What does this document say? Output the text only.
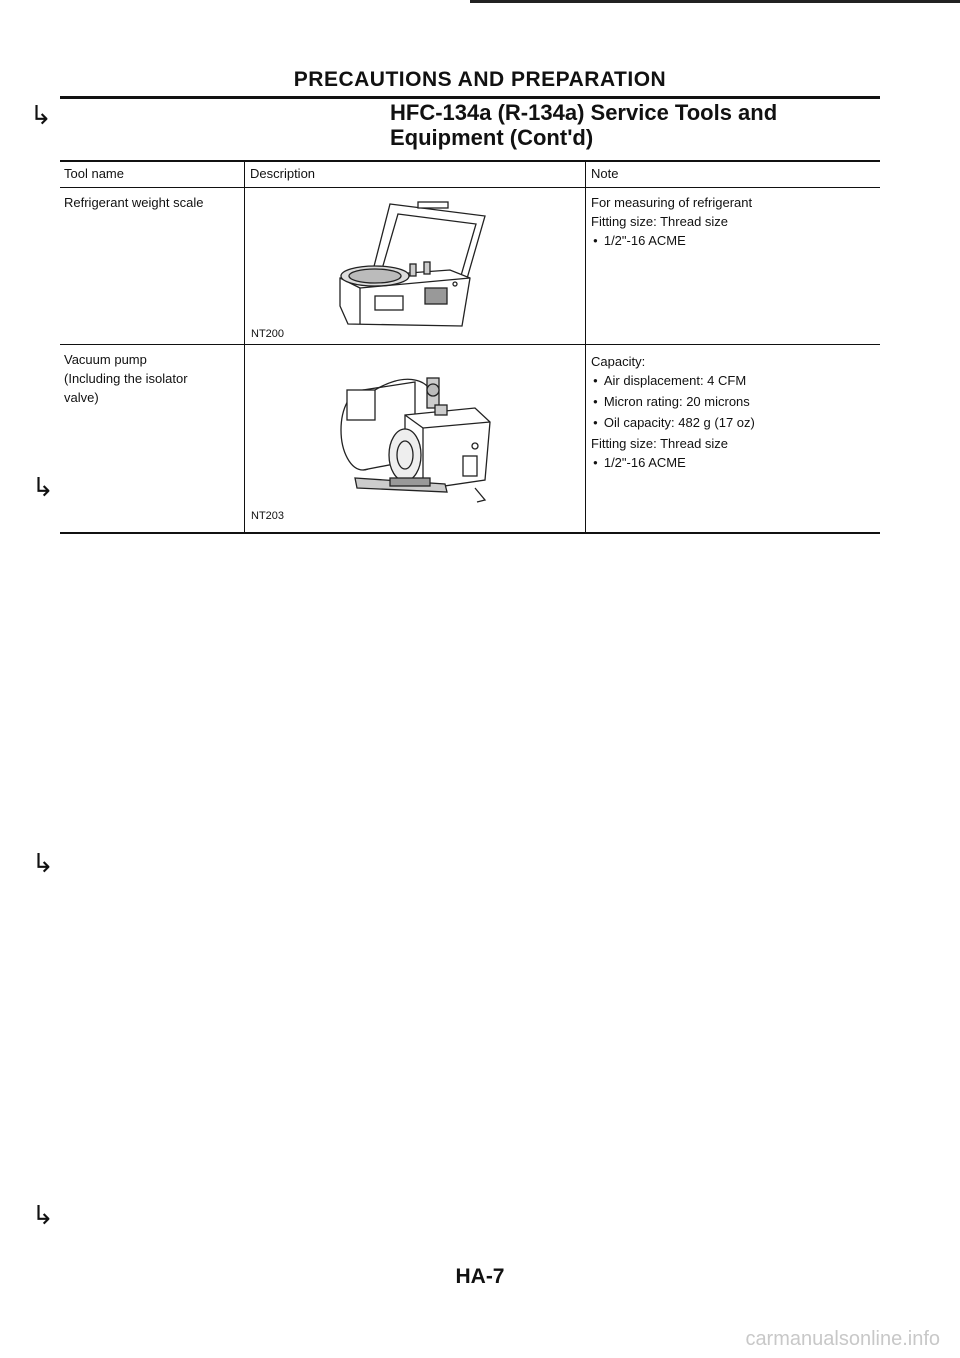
↳
↳
↳
↳
PRECAUTIONS AND PREPARATION
HFC-134a (R-134a) Service Tools and
Equipment (Cont'd)
Tool name	Description	Note
Refrigerant weight scale
NT200
For measuring of refrigerant
Fitting size: Thread size
● 1/2"-16 ACME
Vacuum pump
(Including the isolator
valve)
NT203
Capacity:
● Air displacement: 4 CFM
● Micron rating: 20 microns
● Oil capacity: 482 g (17 oz)
Fitting size: Thread size
● 1/2"-16 ACME
HA-7
carmanualsonline.info
